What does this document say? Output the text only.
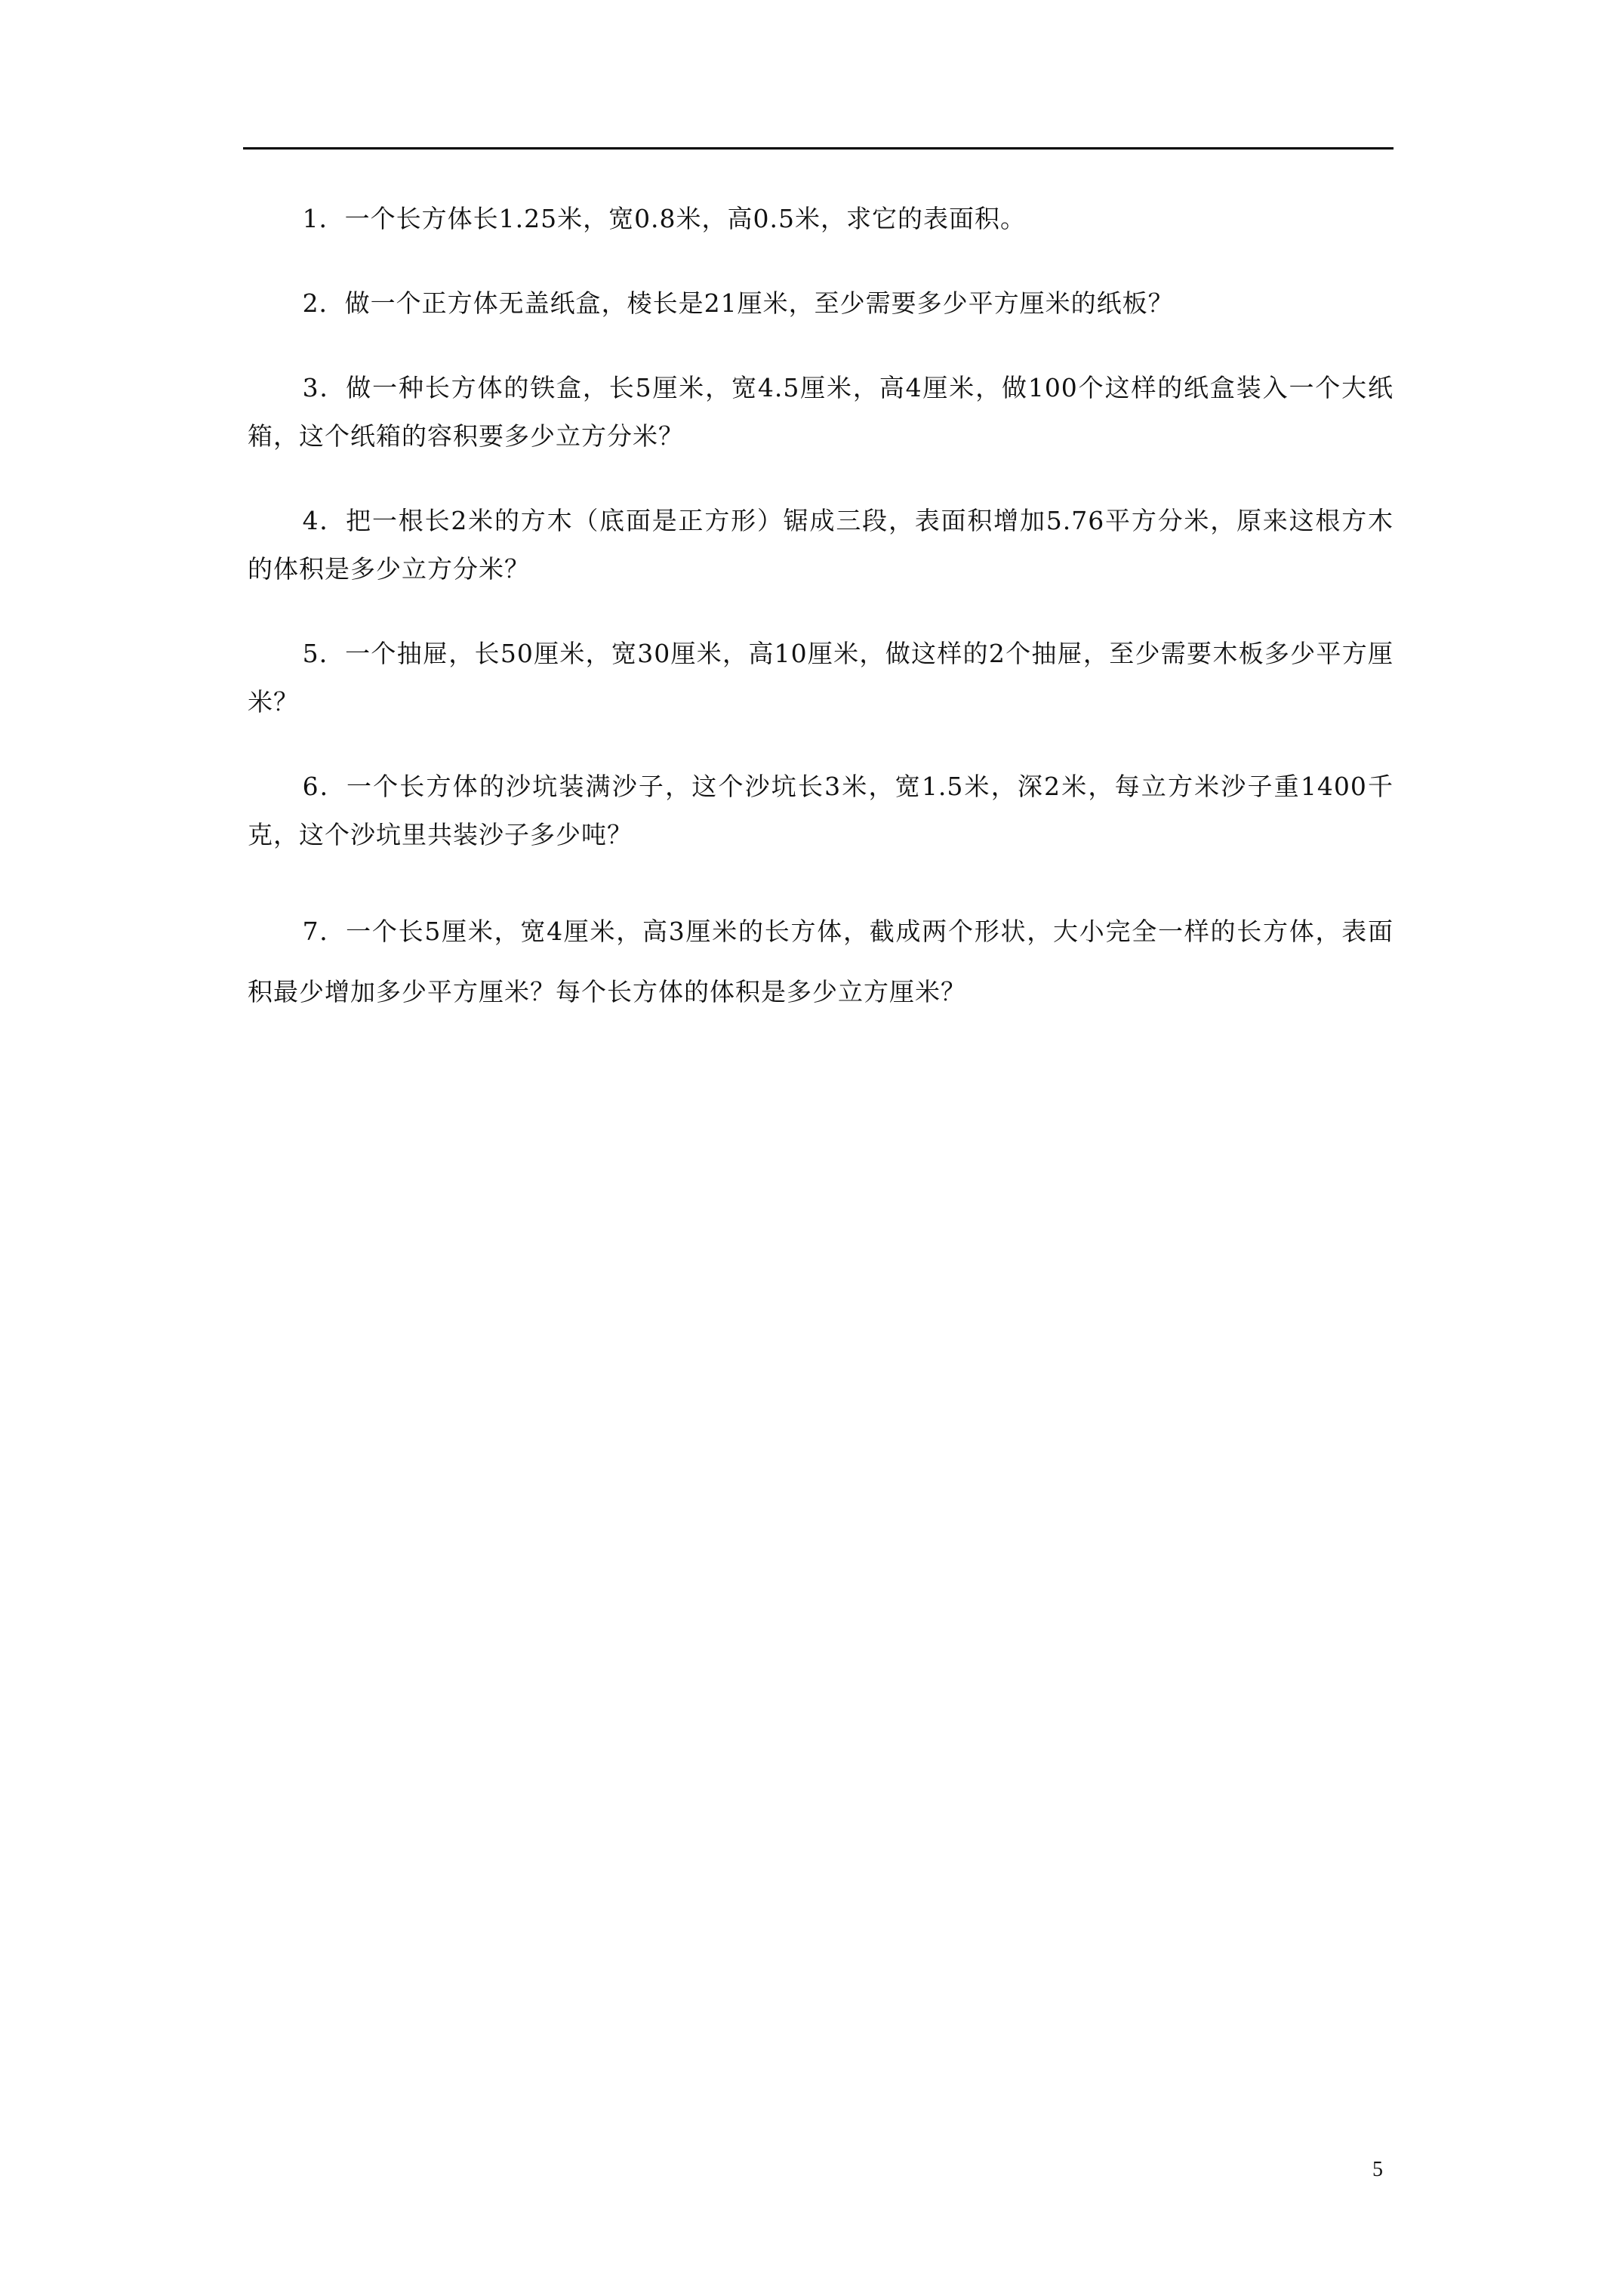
1．一个长方体长1.25米，宽0.8米，高0.5米，求它的表面积。

2．做一个正方体无盖纸盒，棱长是21厘米，至少需要多少平方厘米的纸板？

3．做一种长方体的铁盒，长5厘米，宽4.5厘米，高4厘米，做100个这样的纸盒装入一个大纸箱，这个纸箱的容积要多少立方分米？

4．把一根长2米的方木（底面是正方形）锯成三段，表面积增加5.76平方分米，原来这根方木的体积是多少立方分米？

5．一个抽屉，长50厘米，宽30厘米，高10厘米，做这样的2个抽屉，至少需要木板多少平方厘米？

6．一个长方体的沙坑装满沙子，这个沙坑长3米，宽1.5米，深2米，每立方米沙子重1400千克，这个沙坑里共装沙子多少吨？

7．一个长5厘米，宽4厘米，高3厘米的长方体，截成两个形状，大小完全一样的长方体，表面积最少增加多少平方厘米？每个长方体的体积是多少立方厘米？

5
